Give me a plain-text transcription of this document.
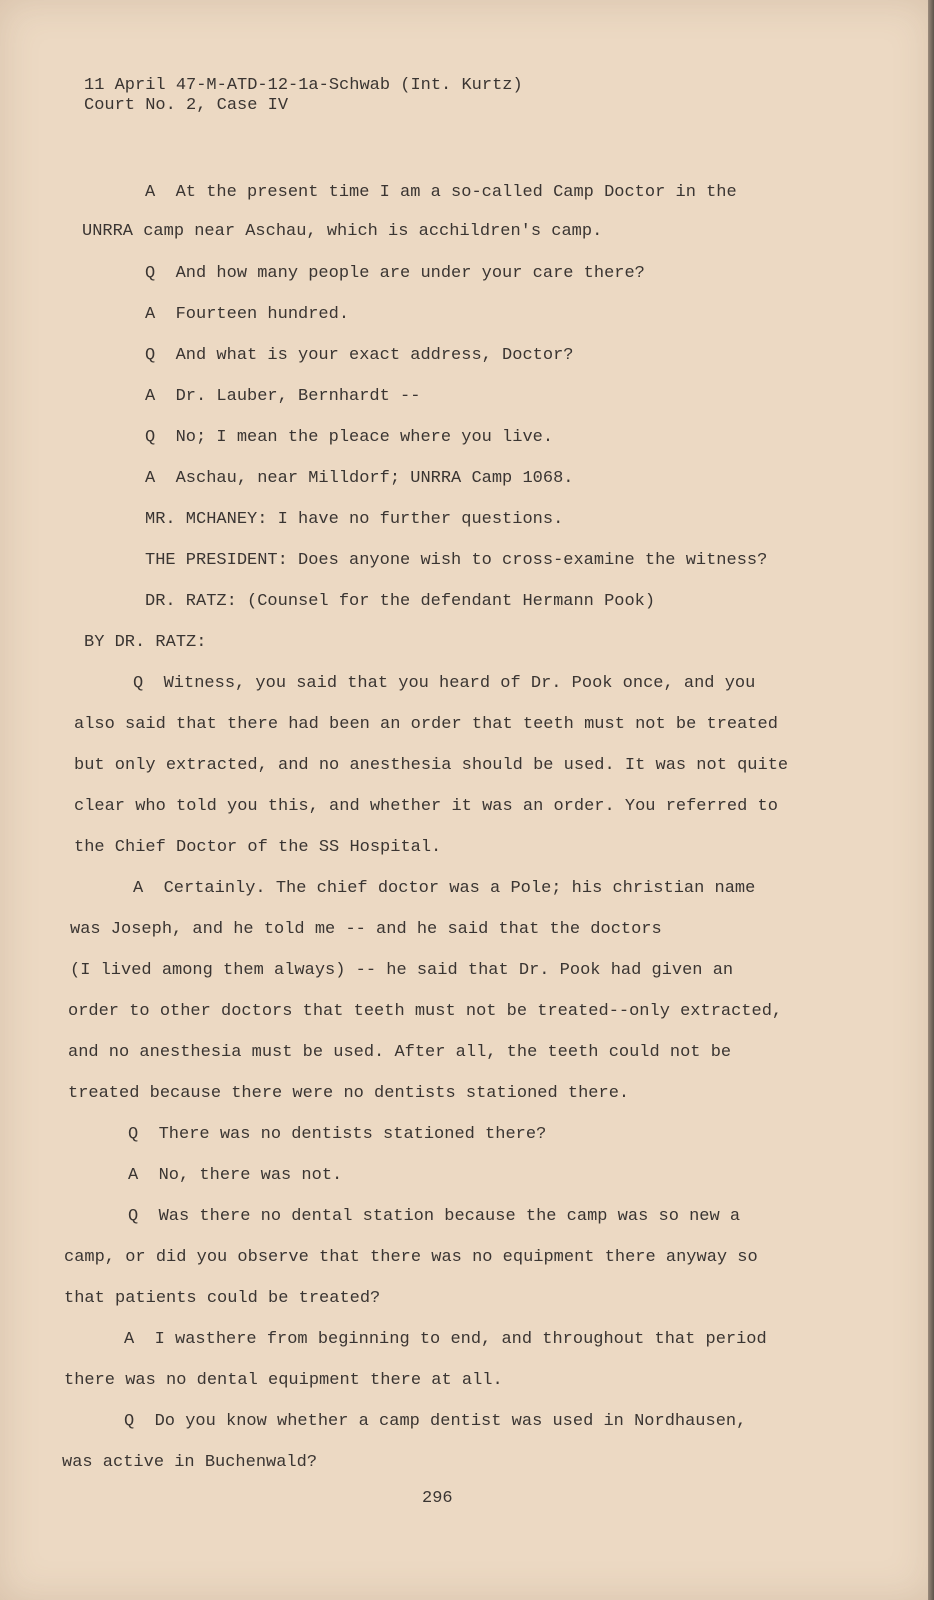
11 April 47-M-ATD-12-1a-Schwab (Int. Kurtz)
Court No. 2, Case IV
A  At the present time I am a so-called Camp Doctor in the
UNRRA camp near Aschau, which is acchildren's camp.
Q  And how many people are under your care there?
A  Fourteen hundred.
Q  And what is your exact address, Doctor?
A  Dr. Lauber, Bernhardt --
Q  No; I mean the pleace where you live.
A  Aschau, near Milldorf; UNRRA Camp 1068.
MR. MCHANEY: I have no further questions.
THE PRESIDENT: Does anyone wish to cross-examine the witness?
DR. RATZ: (Counsel for the defendant Hermann Pook)
BY DR. RATZ:
Q  Witness, you said that you heard of Dr. Pook once, and you
also said that there had been an order that teeth must not be treated
but only extracted, and no anesthesia should be used. It was not quite
clear who told you this, and whether it was an order. You referred to
the Chief Doctor of the SS Hospital.
A  Certainly. The chief doctor was a Pole; his christian name
was Joseph, and he told me -- and he said that the doctors
(I lived among them always) -- he said that Dr. Pook had given an
order to other doctors that teeth must not be treated--only extracted,
and no anesthesia must be used. After all, the teeth could not be
treated because there were no dentists stationed there.
Q  There was no dentists stationed there?
A  No, there was not.
Q  Was there no dental station because the camp was so new a
camp, or did you observe that there was no equipment there anyway so
that patients could be treated?
A  I wasthere from beginning to end, and throughout that period
there was no dental equipment there at all.
Q  Do you know whether a camp dentist was used in Nordhausen,
was active in Buchenwald?
296
